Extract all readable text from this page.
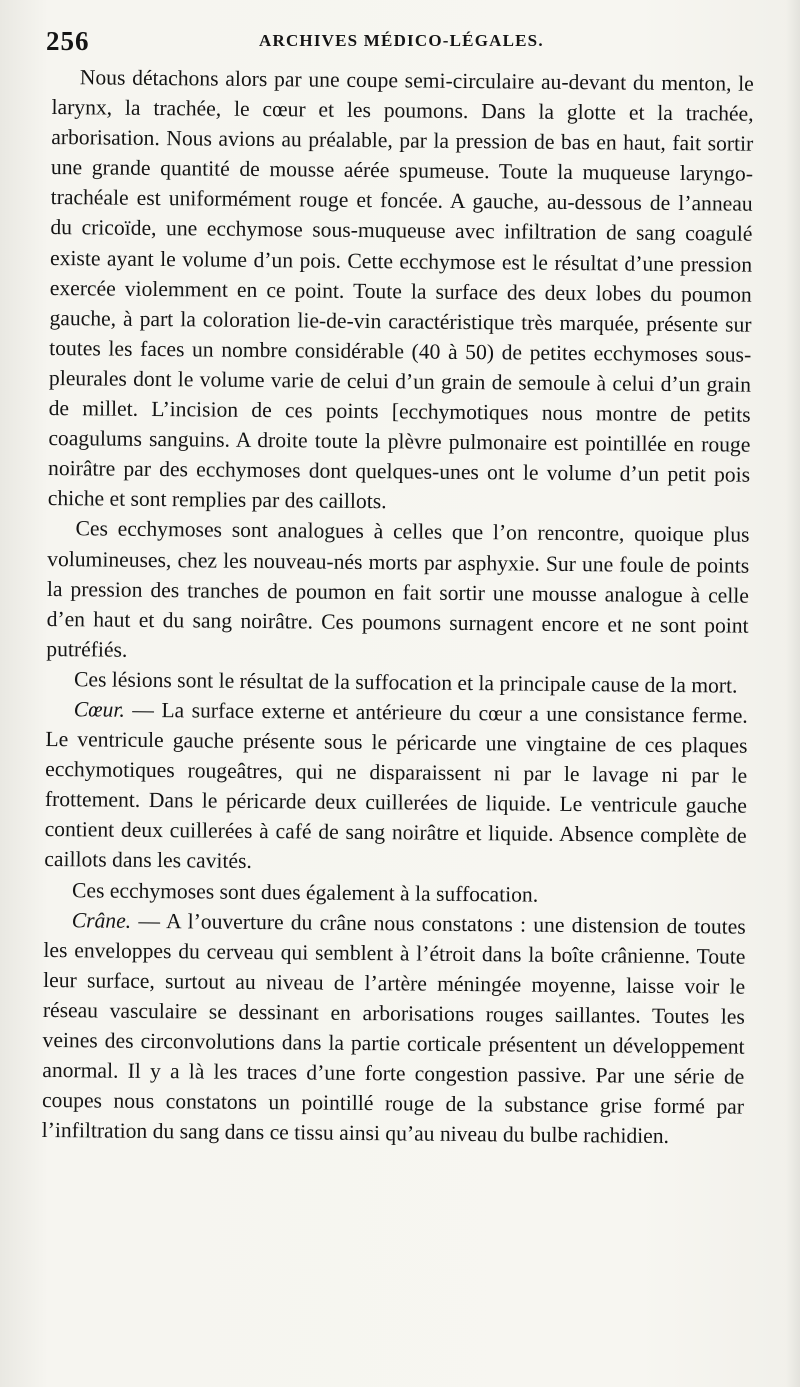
256	ARCHIVES MÉDICO-LÉGALES.

Nous détachons alors par une coupe semi-circulaire au-devant du menton, le larynx, la trachée, le cœur et les poumons. Dans la glotte et la trachée, arborisation. Nous avions au préalable, par la pression de bas en haut, fait sortir une grande quantité de mousse aérée spumeuse. Toute la muqueuse laryngo-trachéale est uniformément rouge et foncée. A gauche, au-dessous de l’anneau du cricoïde, une ecchymose sous-muqueuse avec infiltration de sang coagulé existe ayant le volume d’un pois. Cette ecchymose est le résultat d’une pression exercée violemment en ce point. Toute la surface des deux lobes du poumon gauche, à part la coloration lie-de-vin caractéristique très marquée, présente sur toutes les faces un nombre considérable (40 à 50) de petites ecchymoses sous-pleurales dont le volume varie de celui d’un grain de semoule à celui d’un grain de millet. L’incision de ces points [ecchymotiques nous montre de petits coagulums sanguins. A droite toute la plèvre pulmonaire est pointillée en rouge noirâtre par des ecchymoses dont quelques-unes ont le volume d’un petit pois chiche et sont remplies par des caillots.

Ces ecchymoses sont analogues à celles que l’on rencontre, quoique plus volumineuses, chez les nouveau-nés morts par asphyxie. Sur une foule de points la pression des tranches de poumon en fait sortir une mousse analogue à celle d’en haut et du sang noirâtre. Ces poumons surnagent encore et ne sont point putréfiés.

Ces lésions sont le résultat de la suffocation et la principale cause de la mort.

Cœur. — La surface externe et antérieure du cœur a une consistance ferme. Le ventricule gauche présente sous le péricarde une vingtaine de ces plaques ecchymotiques rougeâtres, qui ne disparaissent ni par le lavage ni par le frottement. Dans le péricarde deux cuillerées de liquide. Le ventricule gauche contient deux cuillerées à café de sang noirâtre et liquide. Absence complète de caillots dans les cavités.

Ces ecchymoses sont dues également à la suffocation.

Crâne. — A l’ouverture du crâne nous constatons : une distension de toutes les enveloppes du cerveau qui semblent à l’étroit dans la boîte crânienne. Toute leur surface, surtout au niveau de l’artère méningée moyenne, laisse voir le réseau vasculaire se dessinant en arborisations rouges saillantes. Toutes les veines des circonvolutions dans la partie corticale présentent un développement anormal. Il y a là les traces d’une forte congestion passive. Par une série de coupes nous constatons un pointillé rouge de la substance grise formé par l’infiltration du sang dans ce tissu ainsi qu’au niveau du bulbe rachidien.
